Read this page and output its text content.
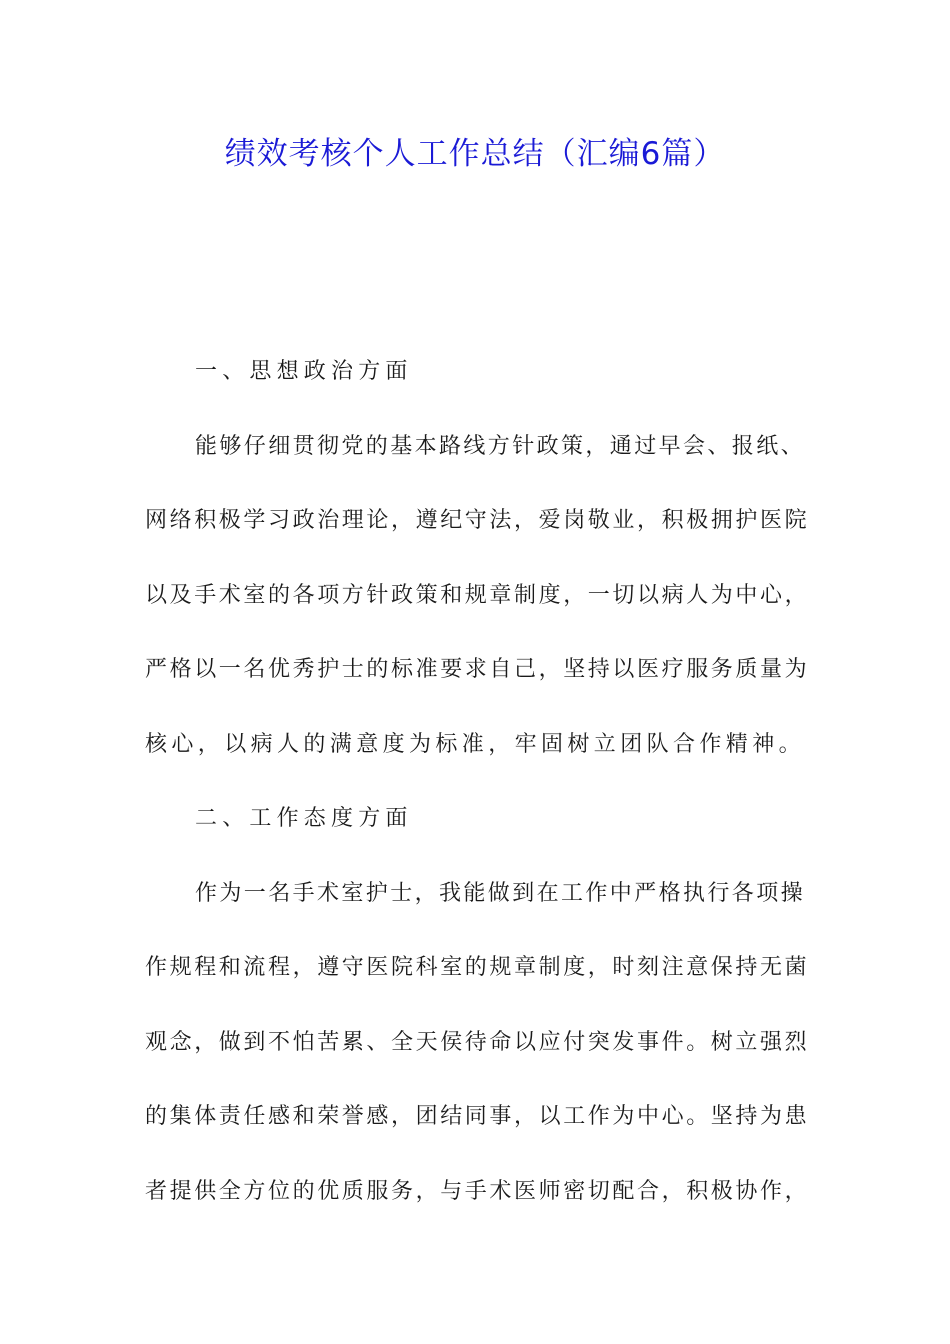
绩效考核个人工作总结（汇编6篇）

一、思想政治方面

能够仔细贯彻党的基本路线方针政策，通过早会、报纸、

网络积极学习政治理论，遵纪守法，爱岗敬业，积极拥护医院

以及手术室的各项方针政策和规章制度，一切以病人为中心，

严格以一名优秀护士的标准要求自己，坚持以医疗服务质量为

核心，以病人的满意度为标准，牢固树立团队合作精神。

二、工作态度方面

作为一名手术室护士，我能做到在工作中严格执行各项操

作规程和流程，遵守医院科室的规章制度，时刻注意保持无菌

观念，做到不怕苦累、全天侯待命以应付突发事件。树立强烈

的集体责任感和荣誉感，团结同事，以工作为中心。坚持为患

者提供全方位的优质服务，与手术医师密切配合，积极协作，
